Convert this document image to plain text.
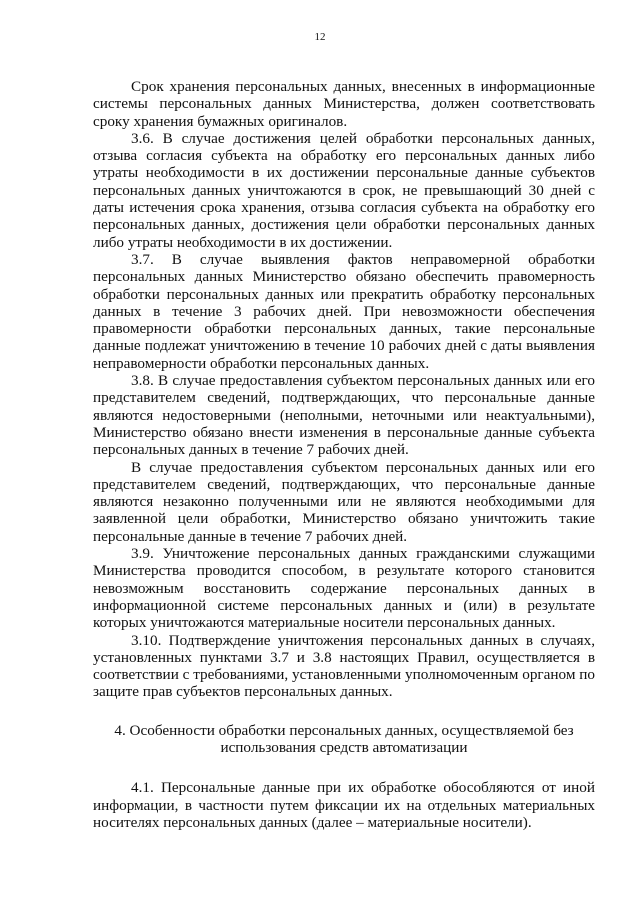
12

Срок хранения персональных данных, внесенных в информационные системы персональных данных Министерства, должен соответствовать сроку хранения бумажных оригиналов.

3.6. В случае достижения целей обработки персональных данных, отзыва согласия субъекта на обработку его персональных данных либо утраты необходимости в их достижении персональные данные субъектов персональных данных уничтожаются в срок, не превышающий 30 дней с даты истечения срока хранения, отзыва согласия субъекта на обработку его персональных данных, достижения цели обработки персональных данных либо утраты необходимости в их достижении.

3.7. В случае выявления фактов неправомерной обработки персональных данных Министерство обязано обеспечить правомерность обработки персональных данных или прекратить обработку персональных данных в течение 3 рабочих дней. При невозможности обеспечения правомерности обработки персональных данных, такие персональные данные подлежат уничтожению в течение 10 рабочих дней с даты выявления неправомерности обработки персональных данных.

3.8. В случае предоставления субъектом персональных данных или его представителем сведений, подтверждающих, что персональные данные являются недостоверными (неполными, неточными или неактуальными), Министерство обязано внести изменения в персональные данные субъекта персональных данных в течение 7 рабочих дней.

В случае предоставления субъектом персональных данных или его представителем сведений, подтверждающих, что персональные данные являются незаконно полученными или не являются необходимыми для заявленной цели обработки, Министерство обязано уничтожить такие персональные данные в течение 7 рабочих дней.

3.9. Уничтожение персональных данных гражданскими служащими Министерства проводится способом, в результате которого становится невозможным восстановить содержание персональных данных в информационной системе персональных данных и (или) в результате которых уничтожаются материальные носители персональных данных.

3.10. Подтверждение уничтожения персональных данных в случаях, установленных пунктами 3.7 и 3.8 настоящих Правил, осуществляется в соответствии с требованиями, установленными уполномоченным органом по защите прав субъектов персональных данных.

4. Особенности обработки персональных данных, осуществляемой без
использования средств автоматизации

4.1. Персональные данные при их обработке обособляются от иной информации, в частности путем фиксации их на отдельных материальных носителях персональных данных (далее – материальные носители).
